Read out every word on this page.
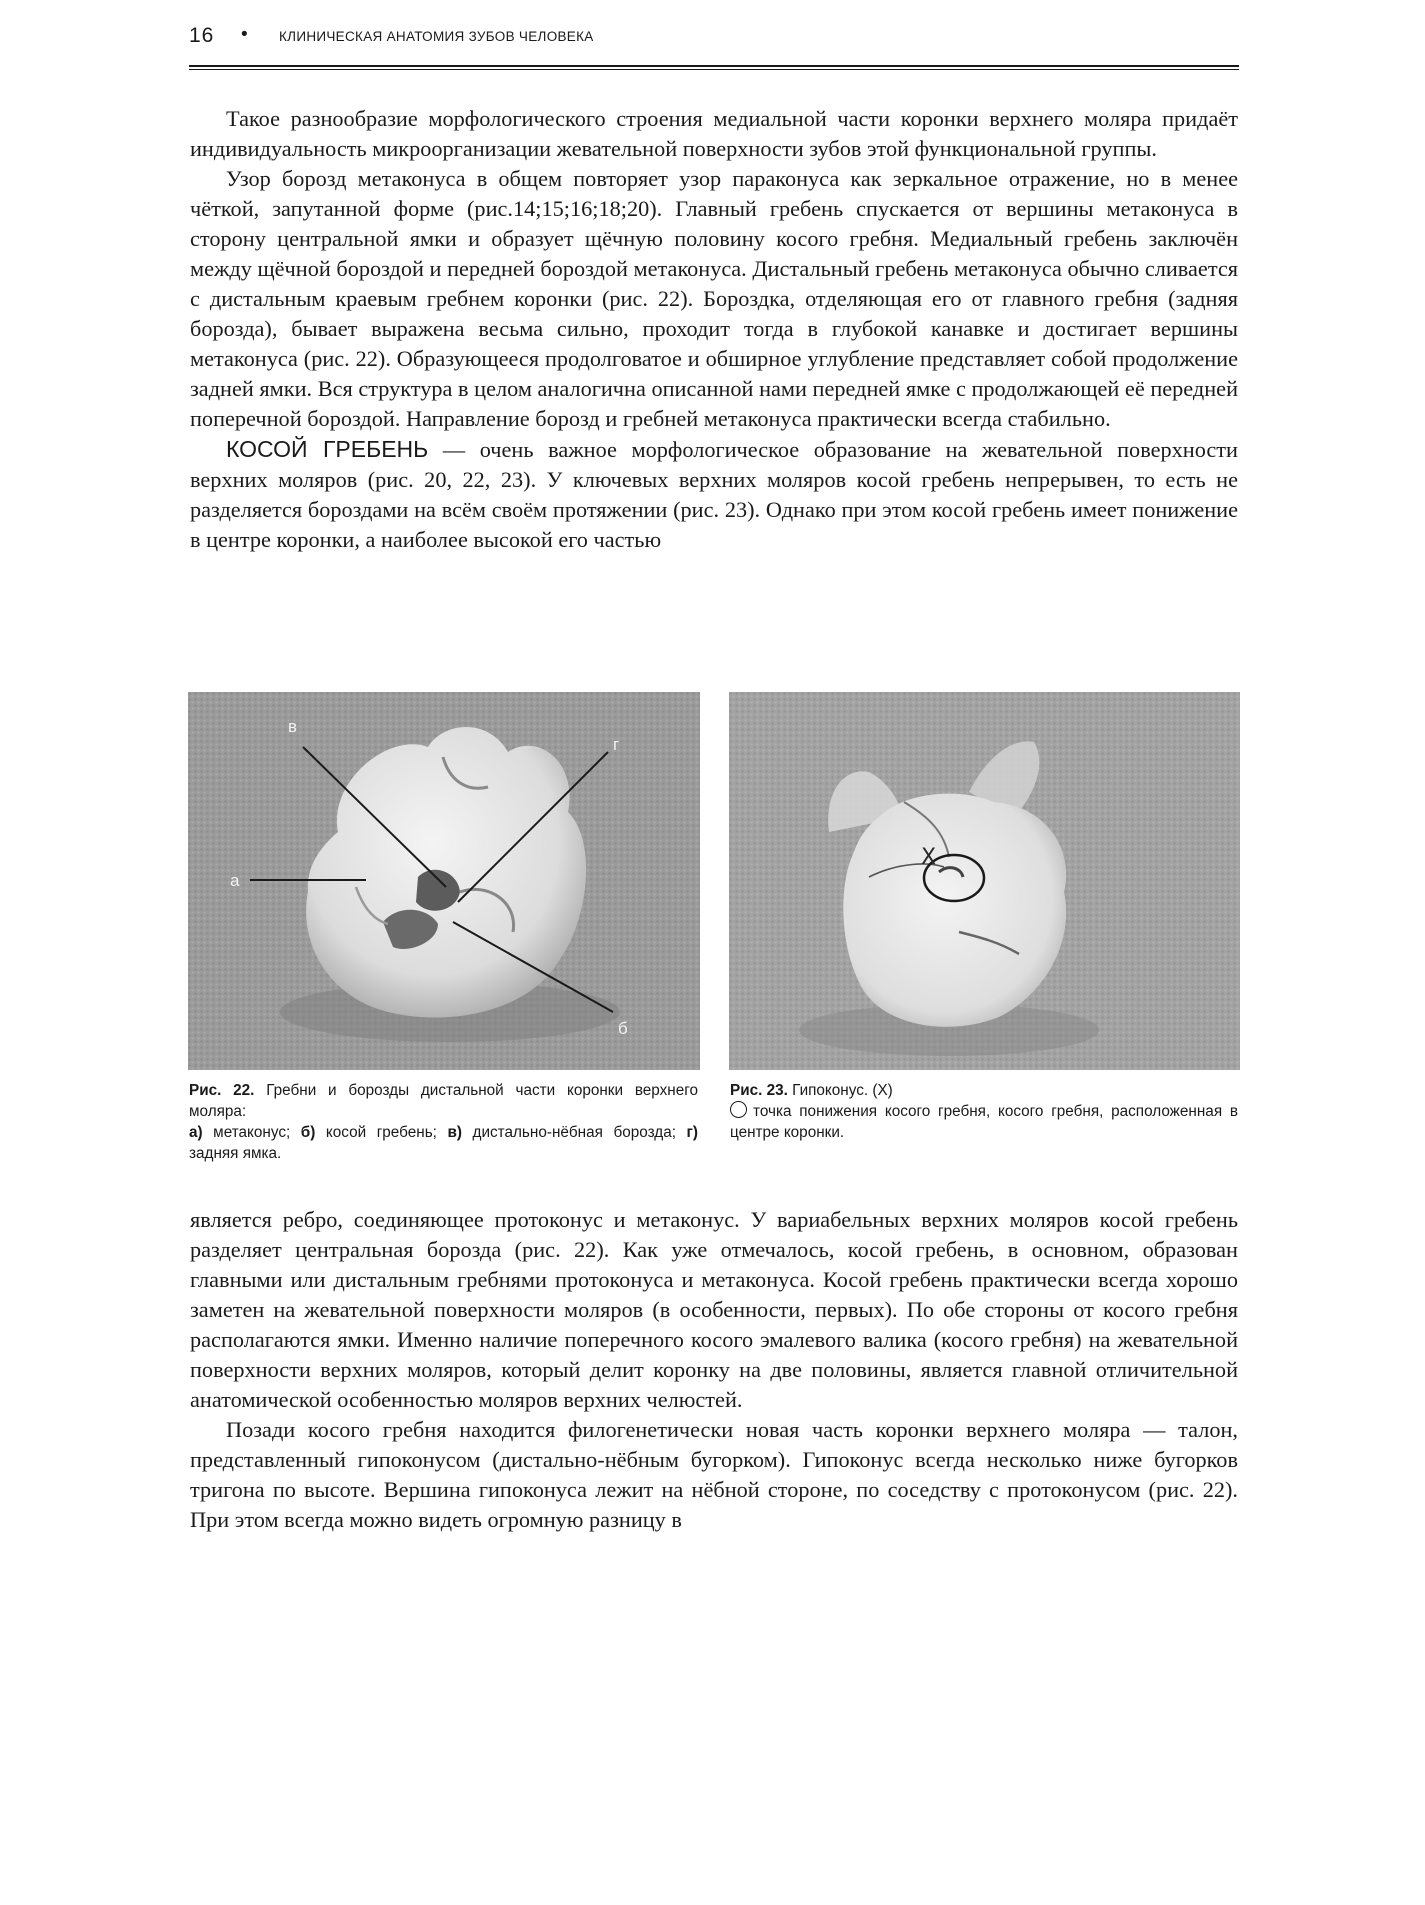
16 • КЛИНИЧЕСКАЯ АНАТОМИЯ ЗУБОВ ЧЕЛОВЕКА

Такое разнообразие морфологического строения медиальной части коронки верхнего моляра придаёт индивидуальность микроорганизации жевательной поверхности зубов этой функциональной группы.

Узор борозд метаконуса в общем повторяет узор параконуса как зеркальное отражение, но в менее чёткой, запутанной форме (рис.14;15;16;18;20). Главный гребень спускается от вершины метаконуса в сторону центральной ямки и образует щёчную половину косого гребня. Медиальный гребень заключён между щёчной бороздой и передней бороздой метаконусa. Дистальный гребень метаконуса обычно сливается с дистальным краевым гребнем коронки (рис. 22). Бороздка, отделяющая его от главного гребня (задняя борозда), бывает выражена весьма сильно, проходит тогда в глубокой канавке и достигает вершины метаконуса (рис. 22). Образующееся продолговатое и обширное углубление представляет собой продолжение задней ямки. Вся структура в целом аналогична описанной нами передней ямке с продолжающей её передней поперечной бороздой. Направление борозд и гребней метаконуса практически всегда стабильно.

КОСОЙ ГРЕБЕНЬ — очень важное морфологическое образование на жевательной поверхности верхних моляров (рис. 20, 22, 23). У ключевых верхних моляров косой гребень непрерывен, то есть не разделяется бороздами на всём своём протяжении (рис. 23). Однако при этом косой гребень имеет понижение в центре коронки, а наиболее высокой его частью

в
г
а
б
X
Рис. 22. Гребни и борозды дистальной части коронки верхнего моляра:
а) метаконус; б) косой гребень; в) дистально-нёбная борозда; г) задняя ямка.
Рис. 23. Гипоконус. (X)
точка понижения косого гребня, косого гребня, расположенная в центре коронки.

является ребро, соединяющее протоконус и метаконус. У вариабельных верхних моляров косой гребень разделяет центральная борозда (рис. 22). Как уже отмечалось, косой гребень, в основном, образован главными или дистальным гребнями протоконуса и метаконуса. Косой гребень практически всегда хорошо заметен на жевательной поверхности моляров (в особенности, первых). По обе стороны от косого гребня располагаются ямки. Именно наличие поперечного косого эмалевого валика (косого гребня) на жевательной поверхности верхних моляров, который делит коронку на две половины, является главной отличительной анатомической особенностью моляров верхних челюстей.

Позади косого гребня находится филогенетически новая часть коронки верхнего моляра — талон, представленный гипоконусом (дистально-нёбным бугорком). Гипоконус всегда несколько ниже бугорков тригона по высоте. Вершина гипоконуса лежит на нёбной стороне, по соседству с протоконусом (рис. 22). При этом всегда можно видеть огромную разницу в
